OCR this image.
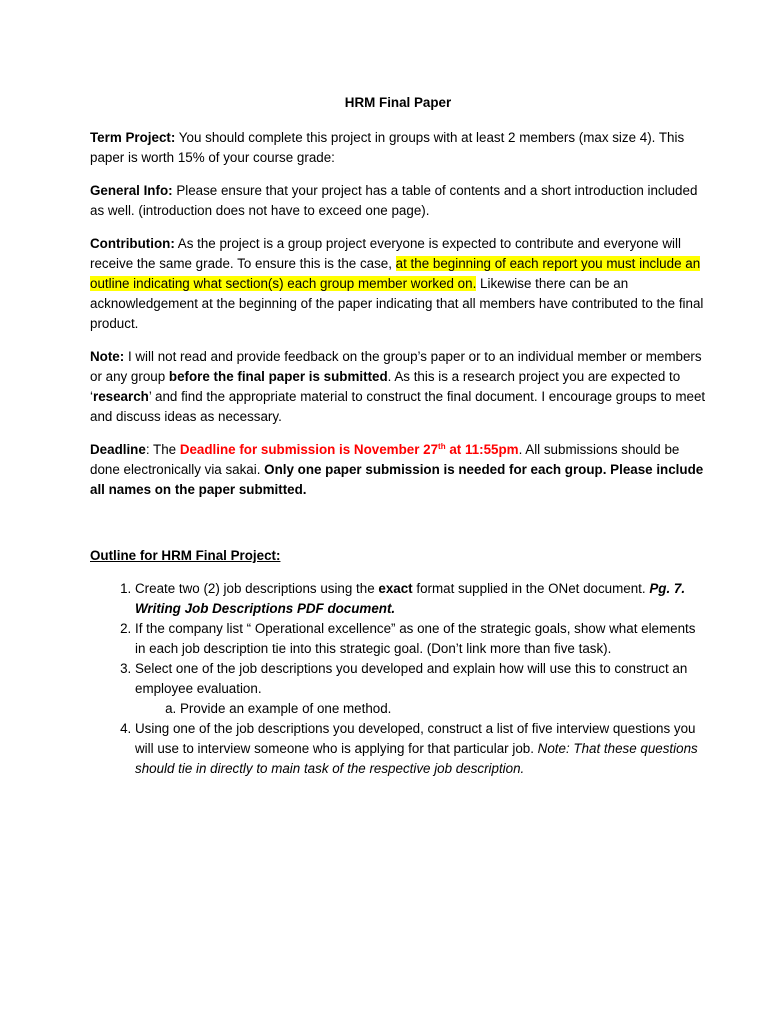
HRM Final Paper

Term Project: You should complete this project in groups with at least 2 members (max size 4). This paper is worth 15% of your course grade:

General Info: Please ensure that your project has a table of contents and a short introduction included as well. (introduction does not have to exceed one page).

Contribution: As the project is a group project everyone is expected to contribute and everyone will receive the same grade. To ensure this is the case, at the beginning of each report you must include an outline indicating what section(s) each group member worked on. Likewise there can be an acknowledgement at the beginning of the paper indicating that all members have contributed to the final product.

Note: I will not read and provide feedback on the group’s paper or to an individual member or members or any group before the final paper is submitted. As this is a research project you are expected to ‘research’ and find the appropriate material to construct the final document. I encourage groups to meet and discuss ideas as necessary.

Deadline: The Deadline for submission is November 27th at 11:55pm. All submissions should be done electronically via sakai. Only one paper submission is needed for each group. Please include all names on the paper submitted.

Outline for HRM Final Project:
1. Create two (2) job descriptions using the exact format supplied in the ONet document. Pg. 7. Writing Job Descriptions PDF document.
2. If the company list “ Operational excellence” as one of the strategic goals, show what elements in each job description tie into this strategic goal. (Don’t link more than five task).
3. Select one of the job descriptions you developed and explain how will use this to construct an employee evaluation.
a. Provide an example of one method.
4. Using one of the job descriptions you developed, construct a list of five interview questions you will use to interview someone who is applying for that particular job. Note: That these questions should tie in directly to main task of the respective job description.
